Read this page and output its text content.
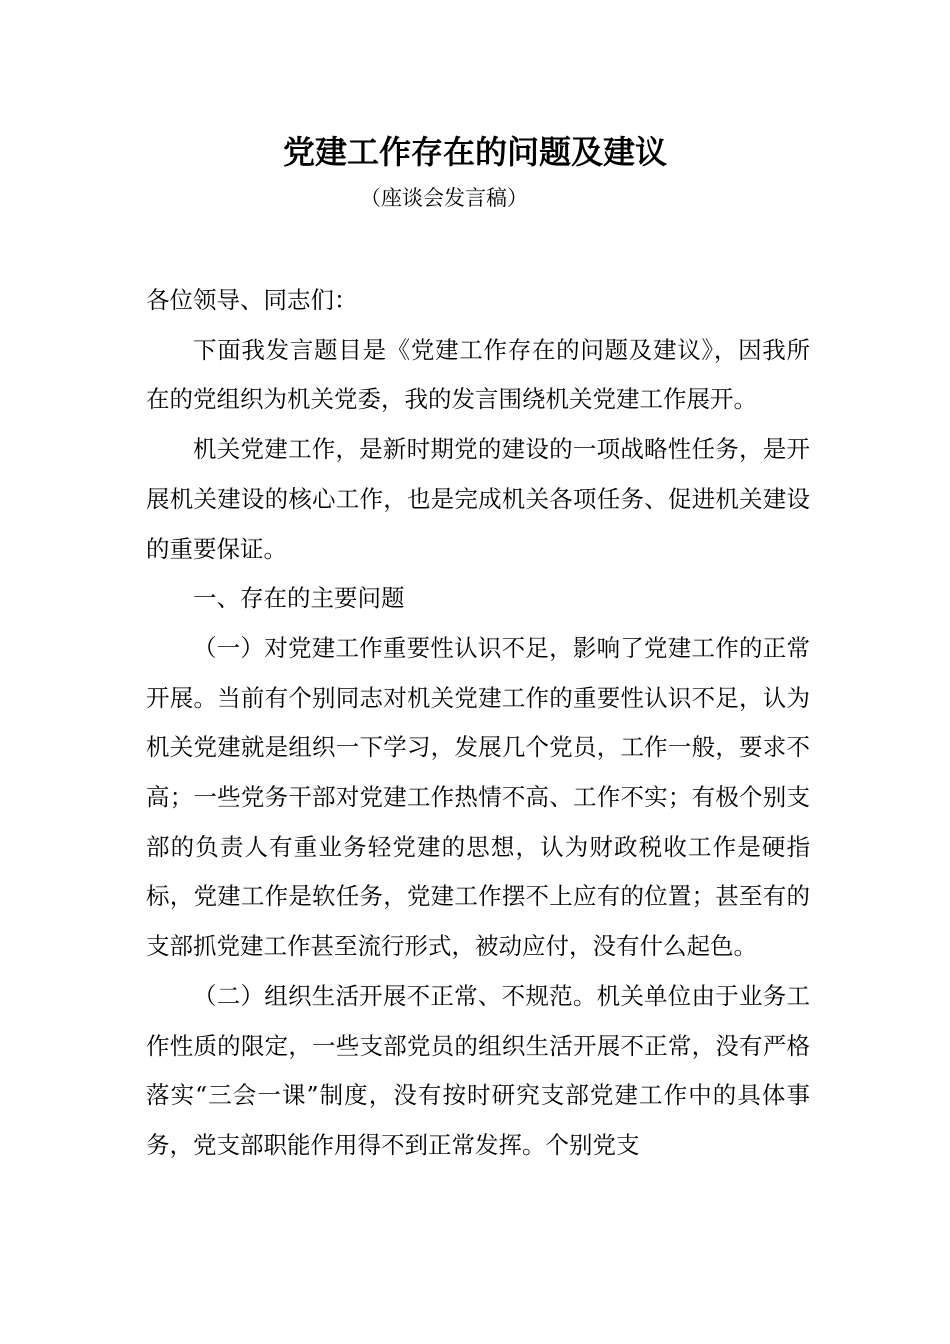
党建工作存在的问题及建议
（座谈会发言稿）

各位领导、同志们：

下面我发言题目是《党建工作存在的问题及建议》，因我所在的党组织为机关党委，我的发言围绕机关党建工作展开。

机关党建工作，是新时期党的建设的一项战略性任务，是开展机关建设的核心工作，也是完成机关各项任务、促进机关建设的重要保证。

一、存在的主要问题

（一）对党建工作重要性认识不足，影响了党建工作的正常开展。当前有个别同志对机关党建工作的重要性认识不足，认为机关党建就是组织一下学习，发展几个党员，工作一般，要求不高；一些党务干部对党建工作热情不高、工作不实；有极个别支部的负责人有重业务轻党建的思想，认为财政税收工作是硬指标，党建工作是软任务，党建工作摆不上应有的位置；甚至有的支部抓党建工作甚至流行形式，被动应付，没有什么起色。

（二）组织生活开展不正常、不规范。机关单位由于业务工作性质的限定，一些支部党员的组织生活开展不正常，没有严格落实“三会一课”制度，没有按时研究支部党建工作中的具体事务，党支部职能作用得不到正常发挥。个别党支
